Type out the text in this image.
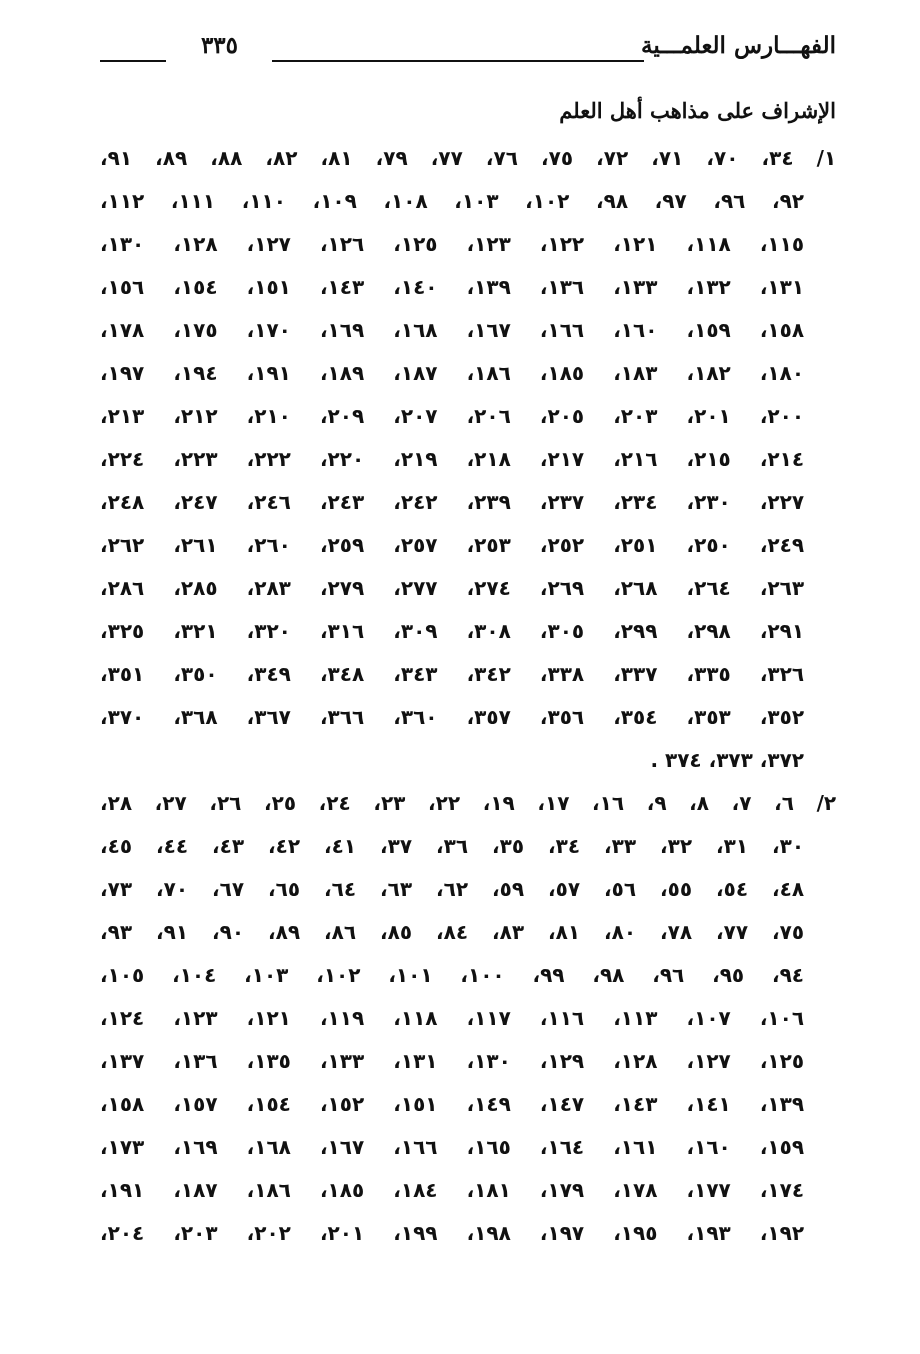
الفهـــارس العلمـــية
٣٣٥
الإشراف على مذاهب أهل العلم
١/ ٣٤، ٧٠، ٧١، ٧٢، ٧٥، ٧٦، ٧٧، ٧٩، ٨١، ٨٢، ٨٨، ٨٩، ٩١،
٩٢، ٩٦، ٩٧، ٩٨، ١٠٢، ١٠٣، ١٠٨، ١٠٩، ١١٠، ١١١، ١١٢،
١١٥، ١١٨، ١٢١، ١٢٢، ١٢٣، ١٢٥، ١٢٦، ١٢٧، ١٢٨، ١٣٠،
١٣١، ١٣٢، ١٣٣، ١٣٦، ١٣٩، ١٤٠، ١٤٣، ١٥١، ١٥٤، ١٥٦،
١٥٨، ١٥٩، ١٦٠، ١٦٦، ١٦٧، ١٦٨، ١٦٩، ١٧٠، ١٧٥، ١٧٨،
١٨٠، ١٨٢، ١٨٣، ١٨٥، ١٨٦، ١٨٧، ١٨٩، ١٩١، ١٩٤، ١٩٧،
٢٠٠، ٢٠١، ٢٠٣، ٢٠٥، ٢٠٦، ٢٠٧، ٢٠٩، ٢١٠، ٢١٢، ٢١٣،
٢١٤، ٢١٥، ٢١٦، ٢١٧، ٢١٨، ٢١٩، ٢٢٠، ٢٢٢، ٢٢٣، ٢٢٤،
٢٢٧، ٢٣٠، ٢٣٤، ٢٣٧، ٢٣٩، ٢٤٢، ٢٤٣، ٢٤٦، ٢٤٧، ٢٤٨،
٢٤٩، ٢٥٠، ٢٥١، ٢٥٢، ٢٥٣، ٢٥٧، ٢٥٩، ٢٦٠، ٢٦١، ٢٦٢،
٢٦٣، ٢٦٤، ٢٦٨، ٢٦٩، ٢٧٤، ٢٧٧، ٢٧٩، ٢٨٣، ٢٨٥، ٢٨٦،
٢٩١، ٢٩٨، ٢٩٩، ٣٠٥، ٣٠٨، ٣٠٩، ٣١٦، ٣٢٠، ٣٢١، ٣٢٥،
٣٢٦، ٣٣٥، ٣٣٧، ٣٣٨، ٣٤٢، ٣٤٣، ٣٤٨، ٣٤٩، ٣٥٠، ٣٥١،
٣٥٢، ٣٥٣، ٣٥٤، ٣٥٦، ٣٥٧، ٣٦٠، ٣٦٦، ٣٦٧، ٣٦٨، ٣٧٠،
٣٧٢، ٣٧٣، ٣٧٤ .
٢/ ٦، ٧، ٨، ٩، ١٦، ١٧، ١٩، ٢٢، ٢٣، ٢٤، ٢٥، ٢٦، ٢٧، ٢٨،
٣٠، ٣١، ٣٢، ٣٣، ٣٤، ٣٥، ٣٦، ٣٧، ٤١، ٤٢، ٤٣، ٤٤، ٤٥،
٤٨، ٥٤، ٥٥، ٥٦، ٥٧، ٥٩، ٦٢، ٦٣، ٦٤، ٦٥، ٦٧، ٧٠، ٧٣،
٧٥، ٧٧، ٧٨، ٨٠، ٨١، ٨٣، ٨٤، ٨٥، ٨٦، ٨٩، ٩٠، ٩١، ٩٣،
٩٤، ٩٥، ٩٦، ٩٨، ٩٩، ١٠٠، ١٠١، ١٠٢، ١٠٣، ١٠٤، ١٠٥،
١٠٦، ١٠٧، ١١٣، ١١٦، ١١٧، ١١٨، ١١٩، ١٢١، ١٢٣، ١٢٤،
١٢٥، ١٢٧، ١٢٨، ١٢٩، ١٣٠، ١٣١، ١٣٣، ١٣٥، ١٣٦، ١٣٧،
١٣٩، ١٤١، ١٤٣، ١٤٧، ١٤٩، ١٥١، ١٥٢، ١٥٤، ١٥٧، ١٥٨،
١٥٩، ١٦٠، ١٦١، ١٦٤، ١٦٥، ١٦٦، ١٦٧، ١٦٨، ١٦٩، ١٧٣،
١٧٤، ١٧٧، ١٧٨، ١٧٩، ١٨١، ١٨٤، ١٨٥، ١٨٦، ١٨٧، ١٩١،
١٩٢، ١٩٣، ١٩٥، ١٩٧، ١٩٨، ١٩٩، ٢٠١، ٢٠٢، ٢٠٣، ٢٠٤،
